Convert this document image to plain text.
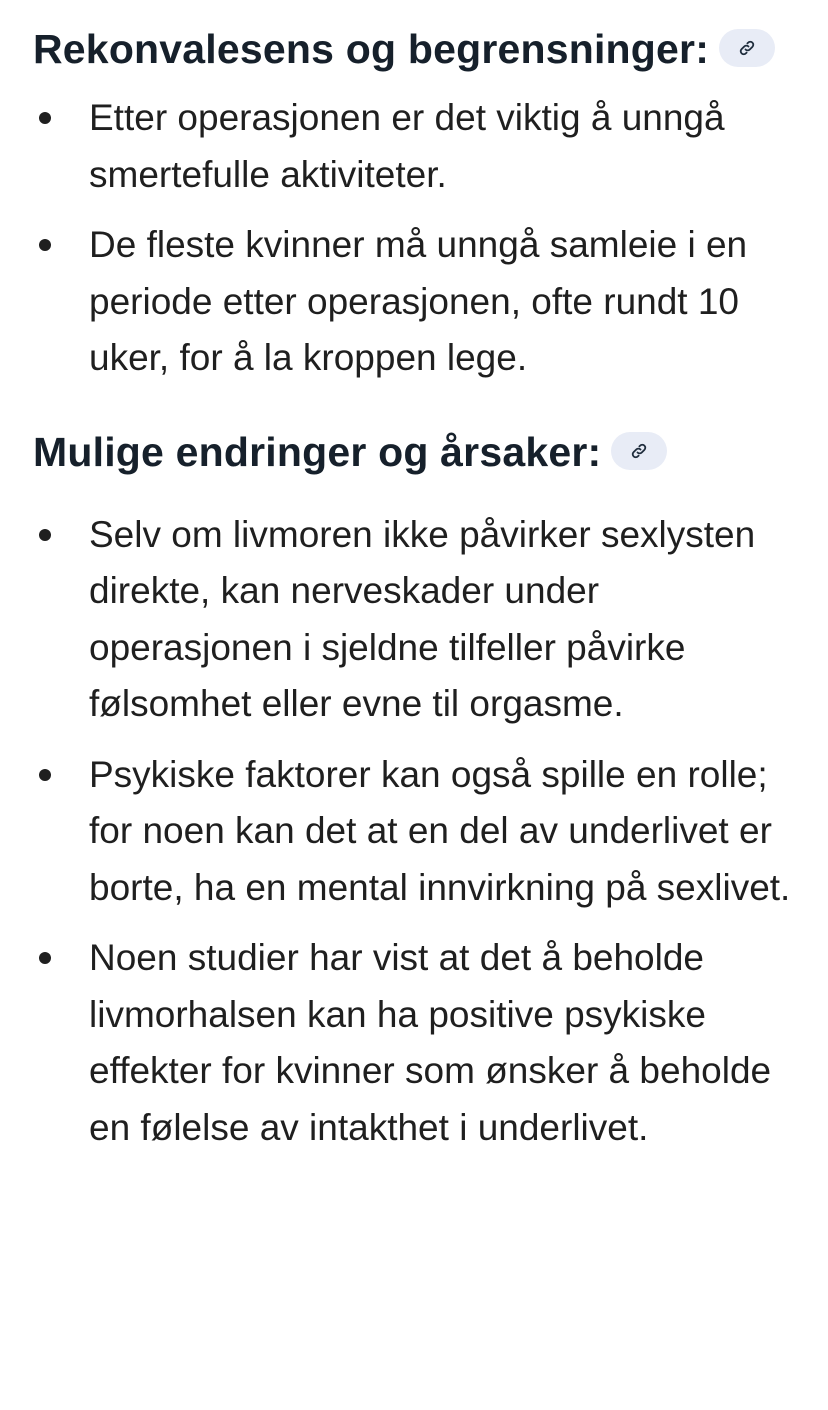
Rekonvalesens og begrensninger:
Etter operasjonen er det viktig å unngå smertefulle aktiviteter.
De fleste kvinner må unngå samleie i en periode etter operasjonen, ofte rundt 10 uker, for å la kroppen lege.
Mulige endringer og årsaker:
Selv om livmoren ikke påvirker sexlysten direkte, kan nerveskader under operasjonen i sjeldne tilfeller påvirke følsomhet eller evne til orgasme.
Psykiske faktorer kan også spille en rolle; for noen kan det at en del av underlivet er borte, ha en mental innvirkning på sexlivet.
Noen studier har vist at det å beholde livmorhalsen kan ha positive psykiske effekter for kvinner som ønsker å beholde en følelse av intakthet i underlivet.
